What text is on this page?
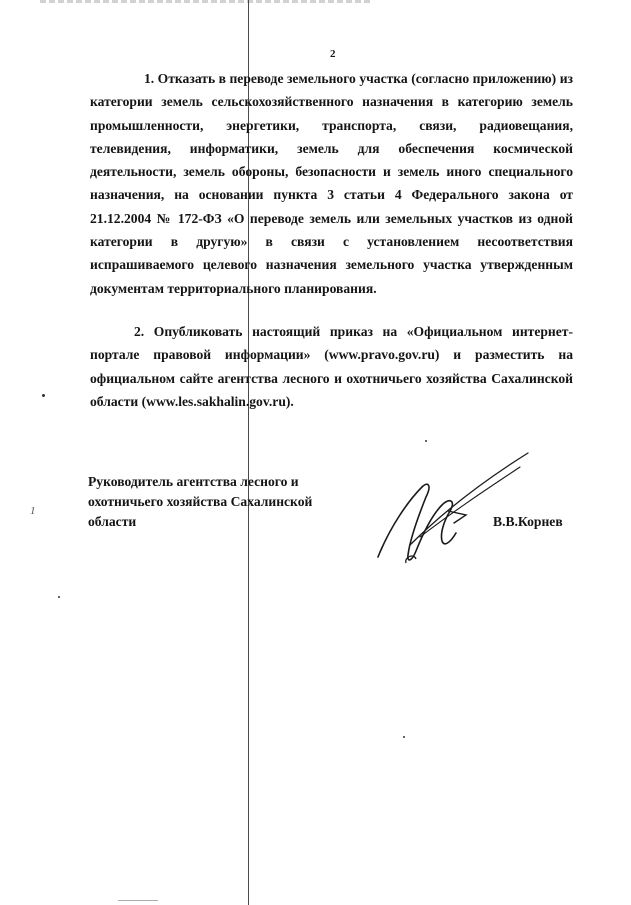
2
1. Отказать в переводе земельного участка (согласно приложению) из категории земель сельскохозяйственного назначения в категорию земель промышленности, энергетики, транспорта, связи, радиовещания, телевидения, информатики, земель для обеспечения космической деятельности, земель обороны, безопасности и земель иного специального назначения, на основании пункта 3 статьи 4 Федерального закона от 21.12.2004 № 172-ФЗ «О переводе земель или земельных участков из одной категории в другую» в связи с установлением несоответствия испрашиваемого целевого назначения земельного участка утвержденным документам территориального планирования.
2. Опубликовать настоящий приказ на «Официальном интернет-портале правовой информации» (www.pravo.gov.ru) и разместить на официальном сайте агентства лесного и охотничьего хозяйства Сахалинской области (www.les.sakhalin.gov.ru).
Руководитель агентства лесного и охотничьего хозяйства Сахалинской области	В.В.Корнев
1
